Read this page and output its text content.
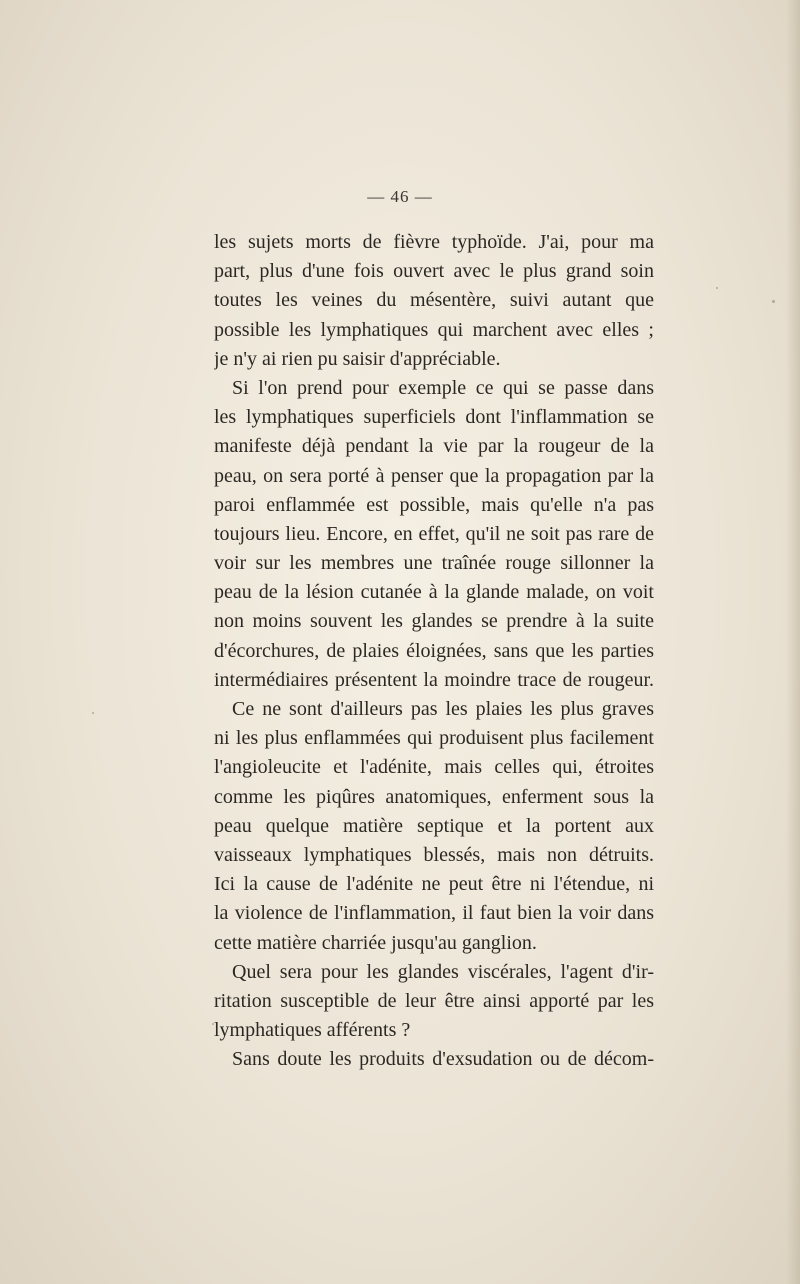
— 46 —
les sujets morts de fièvre typhoïde. J'ai, pour ma
part, plus d'une fois ouvert avec le plus grand soin
toutes les veines du mésentère, suivi autant que
possible les lymphatiques qui marchent avec elles ;
je n'y ai rien pu saisir d'appréciable.
Si l'on prend pour exemple ce qui se passe dans
les lymphatiques superficiels dont l'inflammation se
manifeste déjà pendant la vie par la rougeur de la
peau, on sera porté à penser que la propagation par la
paroi enflammée est possible, mais qu'elle n'a pas
toujours lieu. Encore, en effet, qu'il ne soit pas rare de
voir sur les membres une traînée rouge sillonner la
peau de la lésion cutanée à la glande malade, on voit
non moins souvent les glandes se prendre à la suite
d'écorchures, de plaies éloignées, sans que les parties
intermédiaires présentent la moindre trace de rougeur.
Ce ne sont d'ailleurs pas les plaies les plus graves
ni les plus enflammées qui produisent plus facilement
l'angioleucite et l'adénite, mais celles qui, étroites
comme les piqûres anatomiques, enferment sous la
peau quelque matière septique et la portent aux
vaisseaux lymphatiques blessés, mais non détruits.
Ici la cause de l'adénite ne peut être ni l'étendue, ni
la violence de l'inflammation, il faut bien la voir dans
cette matière charriée jusqu'au ganglion.
Quel sera pour les glandes viscérales, l'agent d'ir-
ritation susceptible de leur être ainsi apporté par les
lymphatiques afférents ?
Sans doute les produits d'exsudation ou de décom-
